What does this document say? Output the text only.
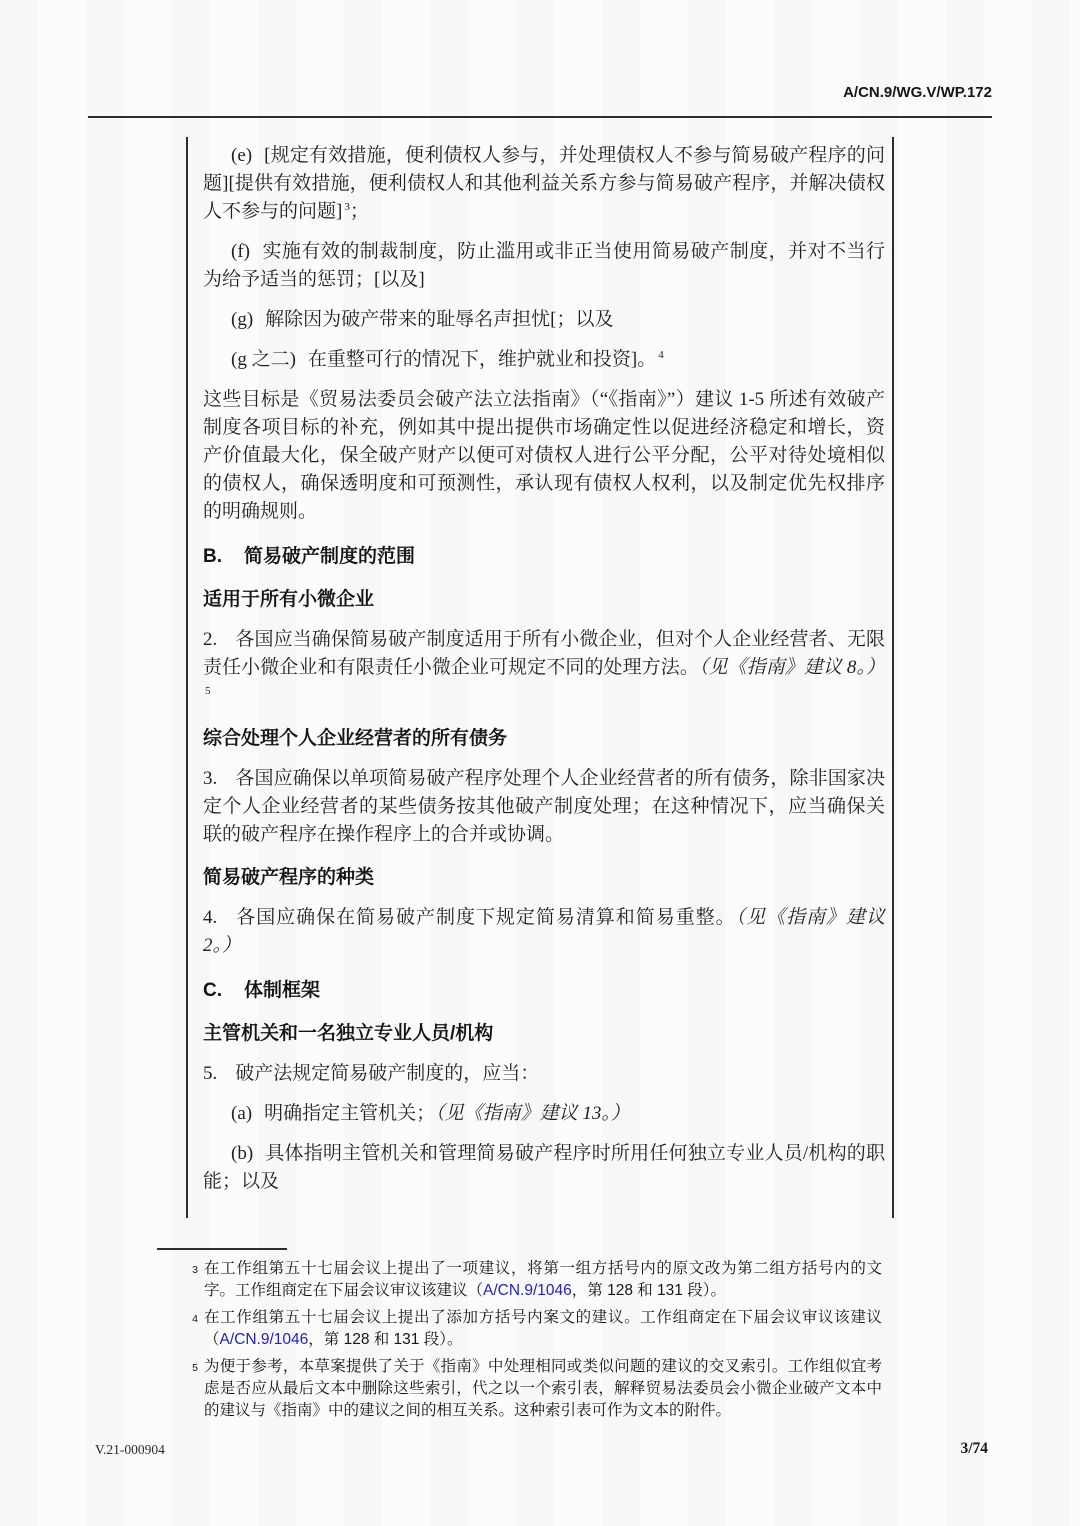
A/CN.9/WG.V/WP.172

(e) [规定有效措施，便利债权人参与，并处理债权人不参与简易破产程序的问题][提供有效措施，便利债权人和其他利益关系方参与简易破产程序，并解决债权人不参与的问题] $^3$；

(f) 实施有效的制裁制度，防止滥用或非正当使用简易破产制度，并对不当行为给予适当的惩罚；[以及]

(g) 解除因为破产带来的耻辱名声担忧[；以及

(g 之二) 在重整可行的情况下，维护就业和投资]。 $^4$

这些目标是《贸易法委员会破产法立法指南》（“《指南》”）建议 1-5 所述有效破产制度各项目标的补充，例如其中提出提供市场确定性以促进经济稳定和增长，资产价值最大化，保全破产财产以便可对债权人进行公平分配，公平对待处境相似的债权人，确保透明度和可预测性，承认现有债权人权利，以及制定优先权排序的明确规则。

B. 简易破产制度的范围
适用于所有小微企业

2. 各国应当确保简易破产制度适用于所有小微企业，但对个人企业经营者、无限责任小微企业和有限责任小微企业可规定不同的处理方法。（见《指南》建议 8。）$^5$

综合处理个人企业经营者的所有债务

3. 各国应确保以单项简易破产程序处理个人企业经营者的所有债务，除非国家决定个人企业经营者的某些债务按其他破产制度处理；在这种情况下，应当确保关联的破产程序在操作程序上的合并或协调。

简易破产程序的种类

4. 各国应确保在简易破产制度下规定简易清算和简易重整。（见《指南》建议 2。）

C. 体制框架
主管机关和一名独立专业人员/机构

5. 破产法规定简易破产制度的，应当：

(a) 明确指定主管机关；（见《指南》建议 13。）

(b) 具体指明主管机关和管理简易破产程序时所用任何独立专业人员/机构的职能；以及

3 在工作组第五十七届会议上提出了一项建议，将第一组方括号内的原文改为第二组方括号内的文字。工作组商定在下届会议审议该建议（A/CN.9/1046，第 128 和 131 段）。
4 在工作组第五十七届会议上提出了添加方括号内案文的建议。工作组商定在下届会议审议该建议（A/CN.9/1046，第 128 和 131 段）。
5 为便于参考，本草案提供了关于《指南》中处理相同或类似问题的建议的交叉索引。工作组似宜考虑是否应从最后文本中删除这些索引，代之以一个索引表，解释贸易法委员会小微企业破产文本中的建议与《指南》中的建议之间的相互关系。这种索引表可作为文本的附件。
V.21-000904	3/74
